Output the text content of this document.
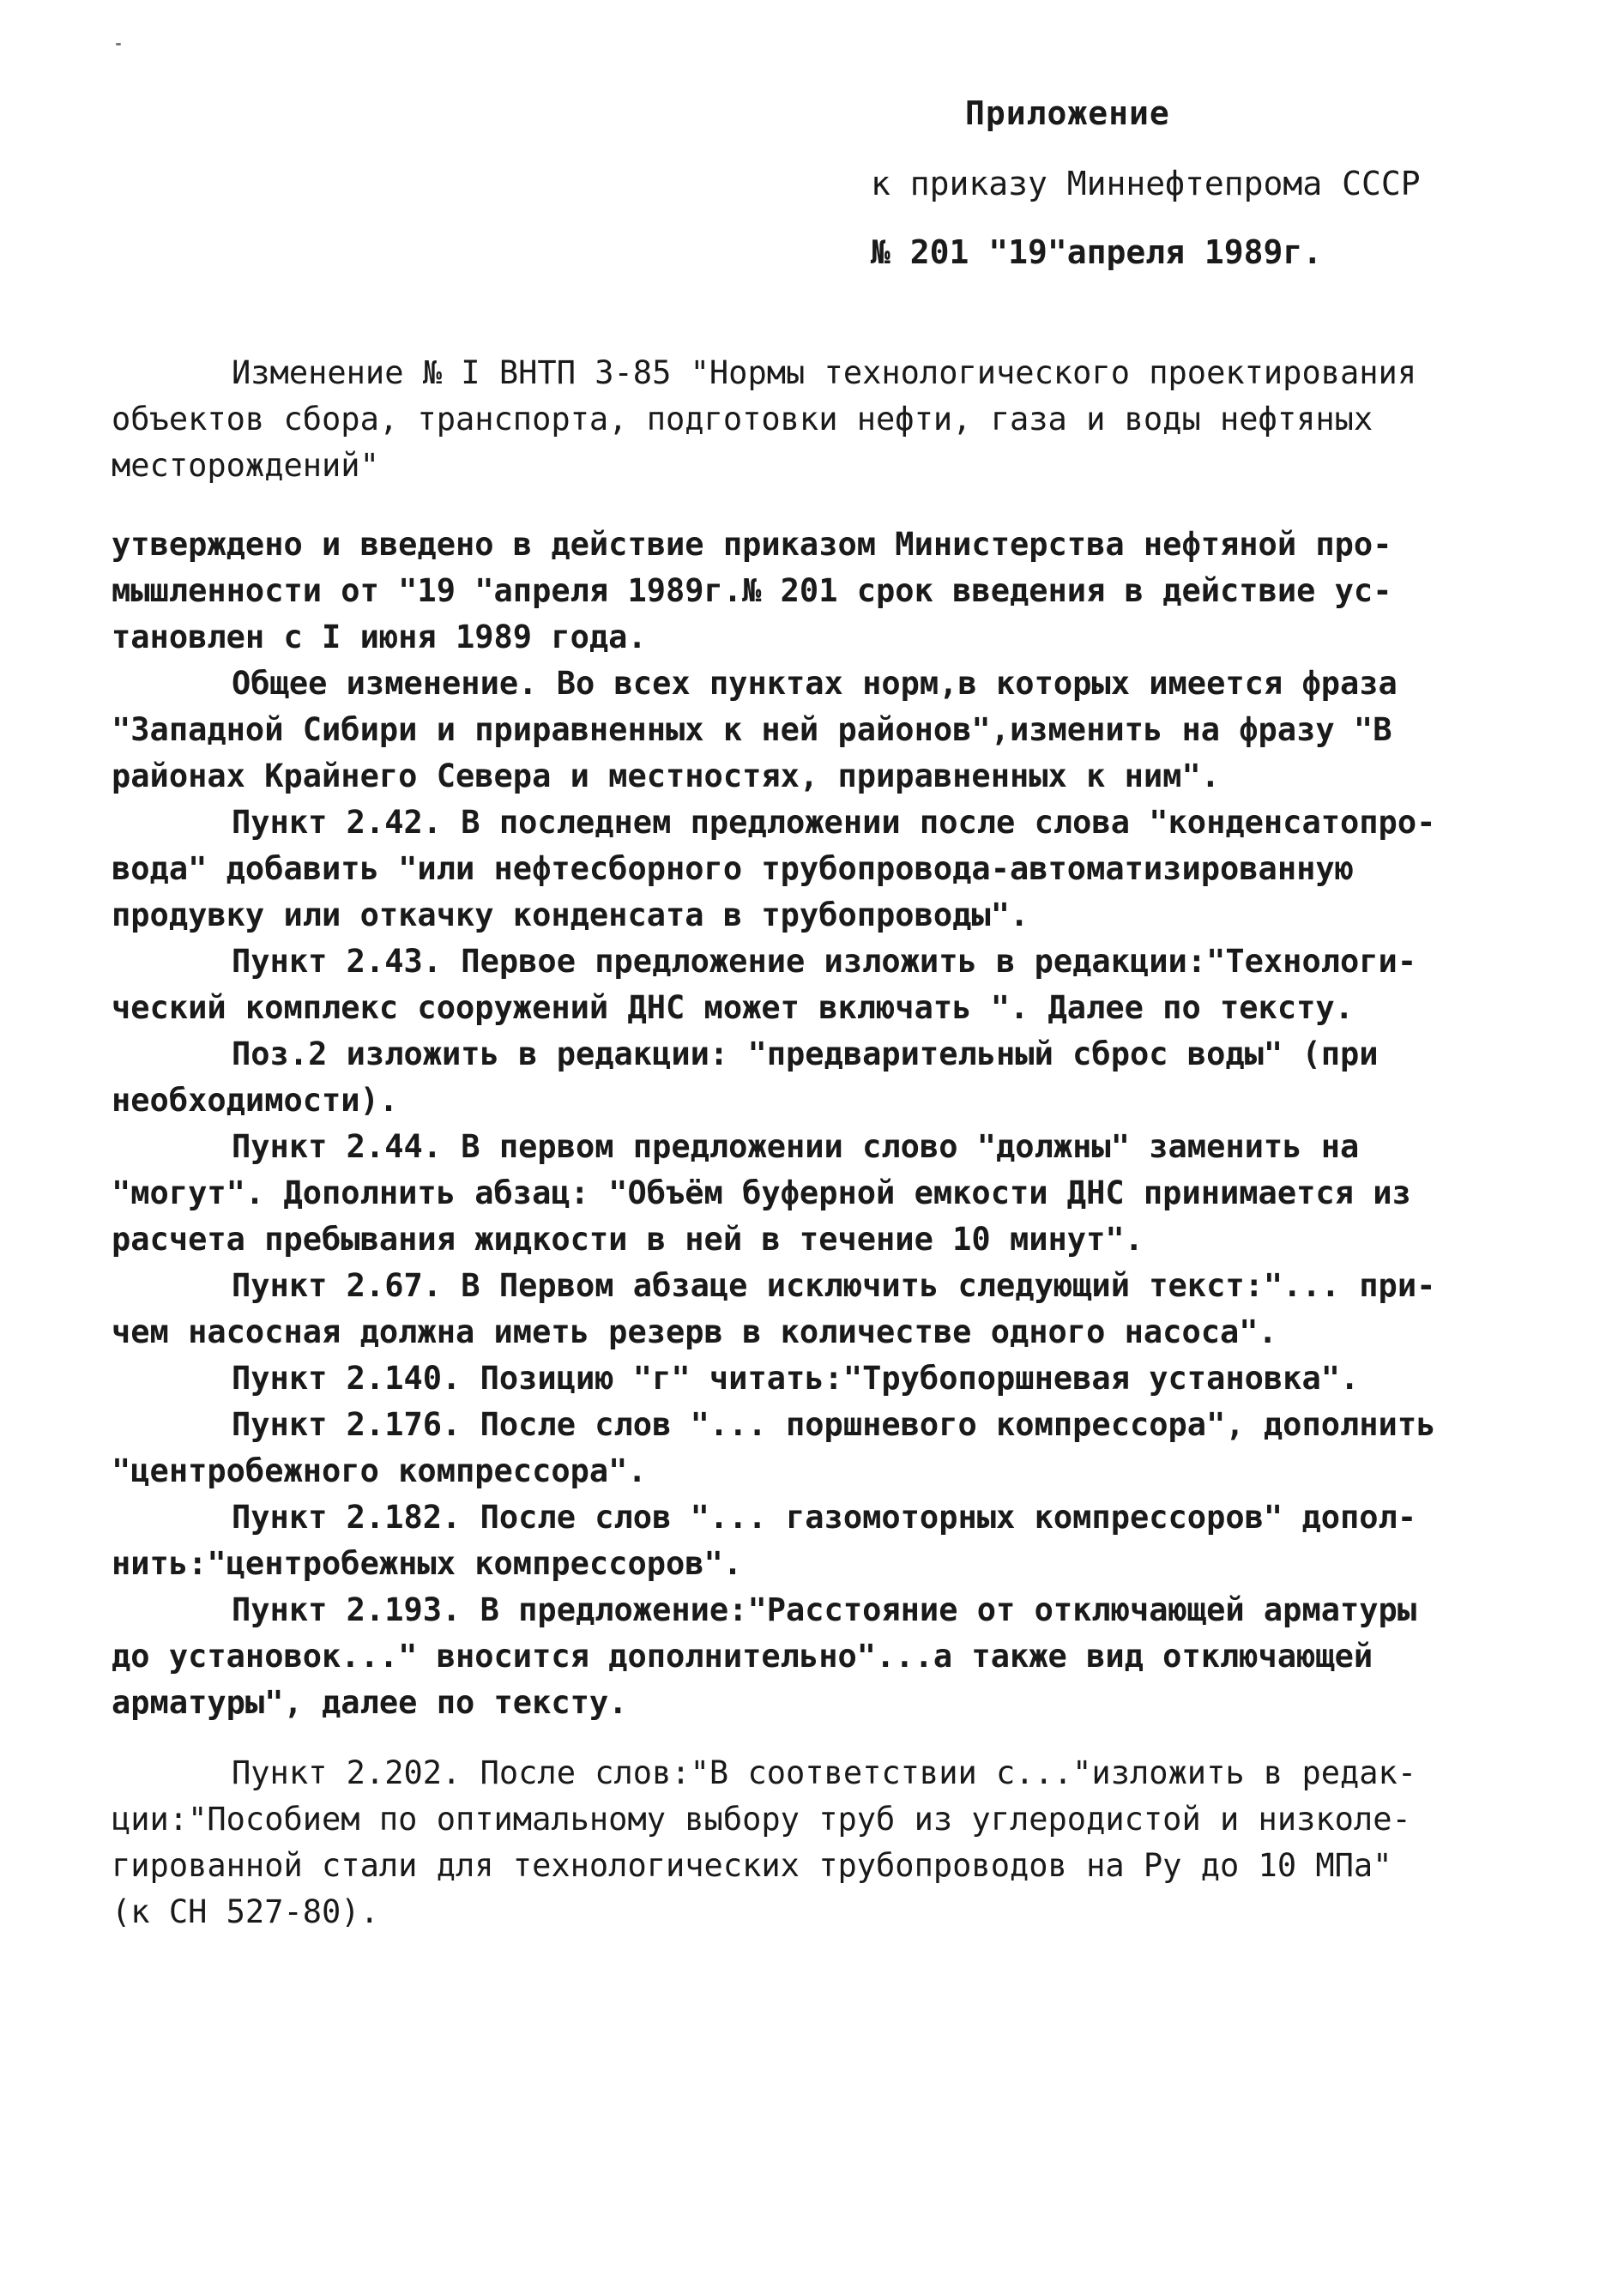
Приложение
к приказу Миннефтепрома СССР
№ 201 "19"апреля 1989г.
Изменение № I ВНТП 3-85 "Нормы технологического проектирования
объектов сбора, транспорта, подготовки нефти, газа и воды нефтяных
месторождений"
утверждено и введено в действие приказом Министерства нефтяной про-
мышленности от "19 "апреля 1989г.№ 201 срок введения в действие ус-
тановлен с I июня 1989 года.
Общее изменение. Во всех пунктах норм,в которых имеется фраза
"Западной Сибири и приравненных к ней районов",изменить на фразу "В
районах Крайнего Севера и местностях, приравненных к ним".
Пункт 2.42. В последнем предложении после слова "конденсатопро-
вода" добавить "или нефтесборного трубопровода-автоматизированную
продувку или откачку конденсата в трубопроводы".
Пункт 2.43. Первое предложение изложить в редакции:"Технологи-
ческий комплекс сооружений ДНС может включать ". Далее по тексту.
Поз.2 изложить в редакции: "предварительный сброс воды" (при
необходимости).
Пункт 2.44. В первом предложении слово "должны" заменить на
"могут". Дополнить абзац: "Объём буферной емкости ДНС принимается из
расчета пребывания жидкости в ней в течение 10 минут".
Пункт 2.67. В Первом абзаце исключить следующий текст:"... при-
чем насосная должна иметь резерв в количестве одного насоса".
Пункт 2.140. Позицию "г" читать:"Трубопоршневая установка".
Пункт 2.176. После слов "... поршневого компрессора", дополнить
"центробежного компрессора".
Пункт 2.182. После слов "... газомоторных компрессоров" допол-
нить:"центробежных компрессоров".
Пункт 2.193. В предложение:"Расстояние от отключающей арматуры
до установок..." вносится дополнительно"...а также вид отключающей
арматуры", далее по тексту.
Пункт 2.202. После слов:"В соответствии с..."изложить в редак-
ции:"Пособием по оптимальному выбору труб из углеродистой и низколе-
гированной стали для технологических трубопроводов на Ру до 10 МПа"
(к СН 527-80).
